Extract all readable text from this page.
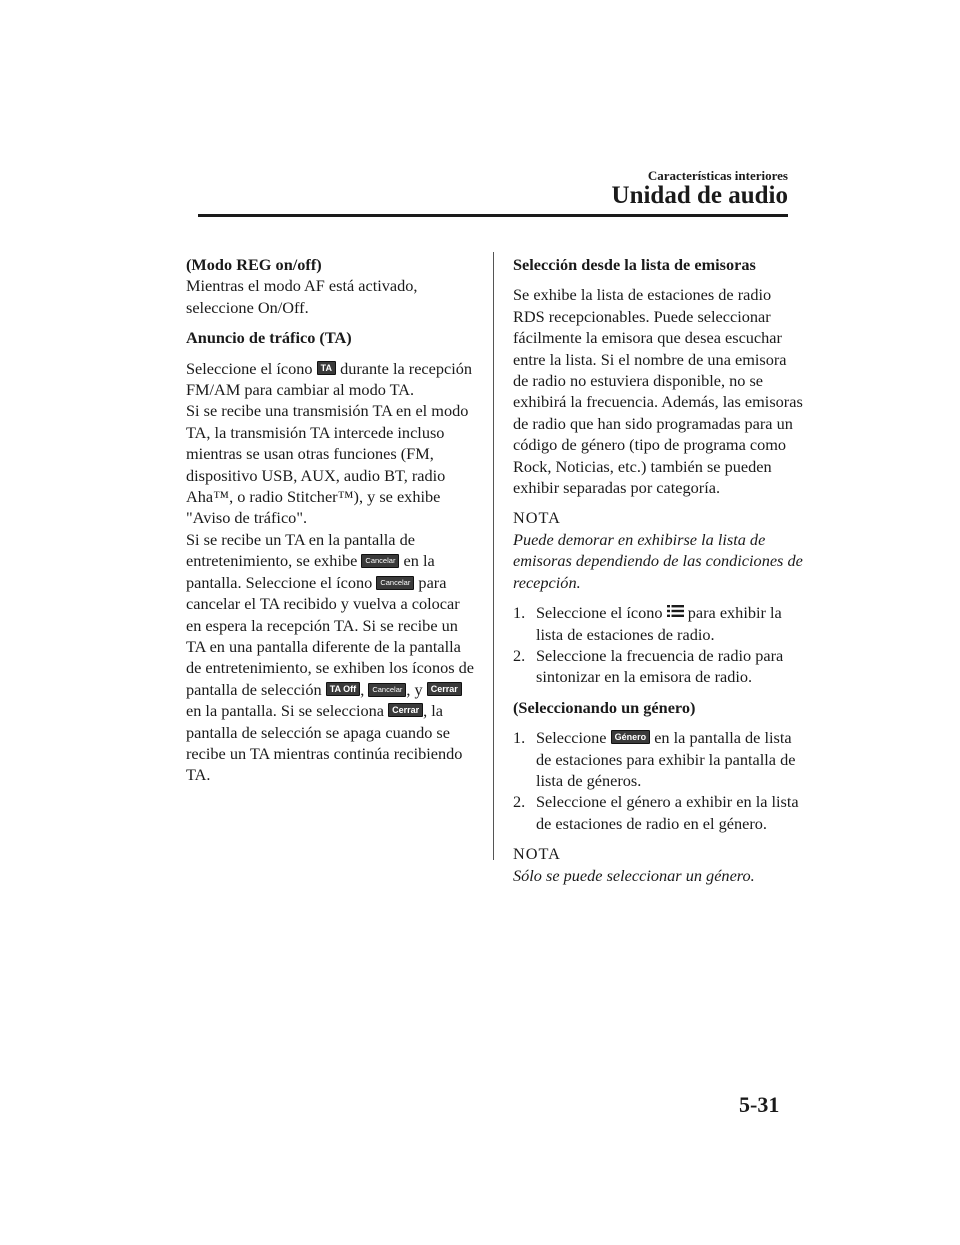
Características interiores
Unidad de audio

(Modo REG on/off)

Mientras el modo AF está activado, seleccione On/Off.

Anuncio de tráfico (TA)

Seleccione el ícono TA durante la recepción FM/AM para cambiar al modo TA.

Si se recibe una transmisión TA en el modo TA, la transmisión TA intercede incluso mientras se usan otras funciones (FM, dispositivo USB, AUX, audio BT, radio Aha™, o radio Stitcher™), y se exhibe "Aviso de tráfico".

Si se recibe un TA en la pantalla de entretenimiento, se exhibe Cancelar en la pantalla. Seleccione el ícono Cancelar para cancelar el TA recibido y vuelva a colocar en espera la recepción TA. Si se recibe un TA en una pantalla diferente de la pantalla de entretenimiento, se exhiben los íconos de pantalla de selección TA Off , Cancelar , y Cerrar en la pantalla. Si se selecciona Cerrar , la pantalla de selección se apaga cuando se recibe un TA mientras continúa recibiendo TA.

Selección desde la lista de emisoras

Se exhibe la lista de estaciones de radio RDS recepcionables. Puede seleccionar fácilmente la emisora que desea escuchar entre la lista. Si el nombre de una emisora de radio no estuviera disponible, no se exhibirá la frecuencia. Además, las emisoras de radio que han sido programadas para un código de género (tipo de programa como Rock, Noticias, etc.) también se pueden exhibir separadas por categoría.

NOTA

Puede demorar en exhibirse la lista de emisoras dependiendo de las condiciones de recepción.

1. Seleccione el ícono para exhibir la lista de estaciones de radio.
2. Seleccione la frecuencia de radio para sintonizar en la emisora de radio.

(Seleccionando un género)

1. Seleccione Género en la pantalla de lista de estaciones para exhibir la pantalla de lista de géneros.
2. Seleccione el género a exhibir en la lista de estaciones de radio en el género.

NOTA

Sólo se puede seleccionar un género.

5-31
